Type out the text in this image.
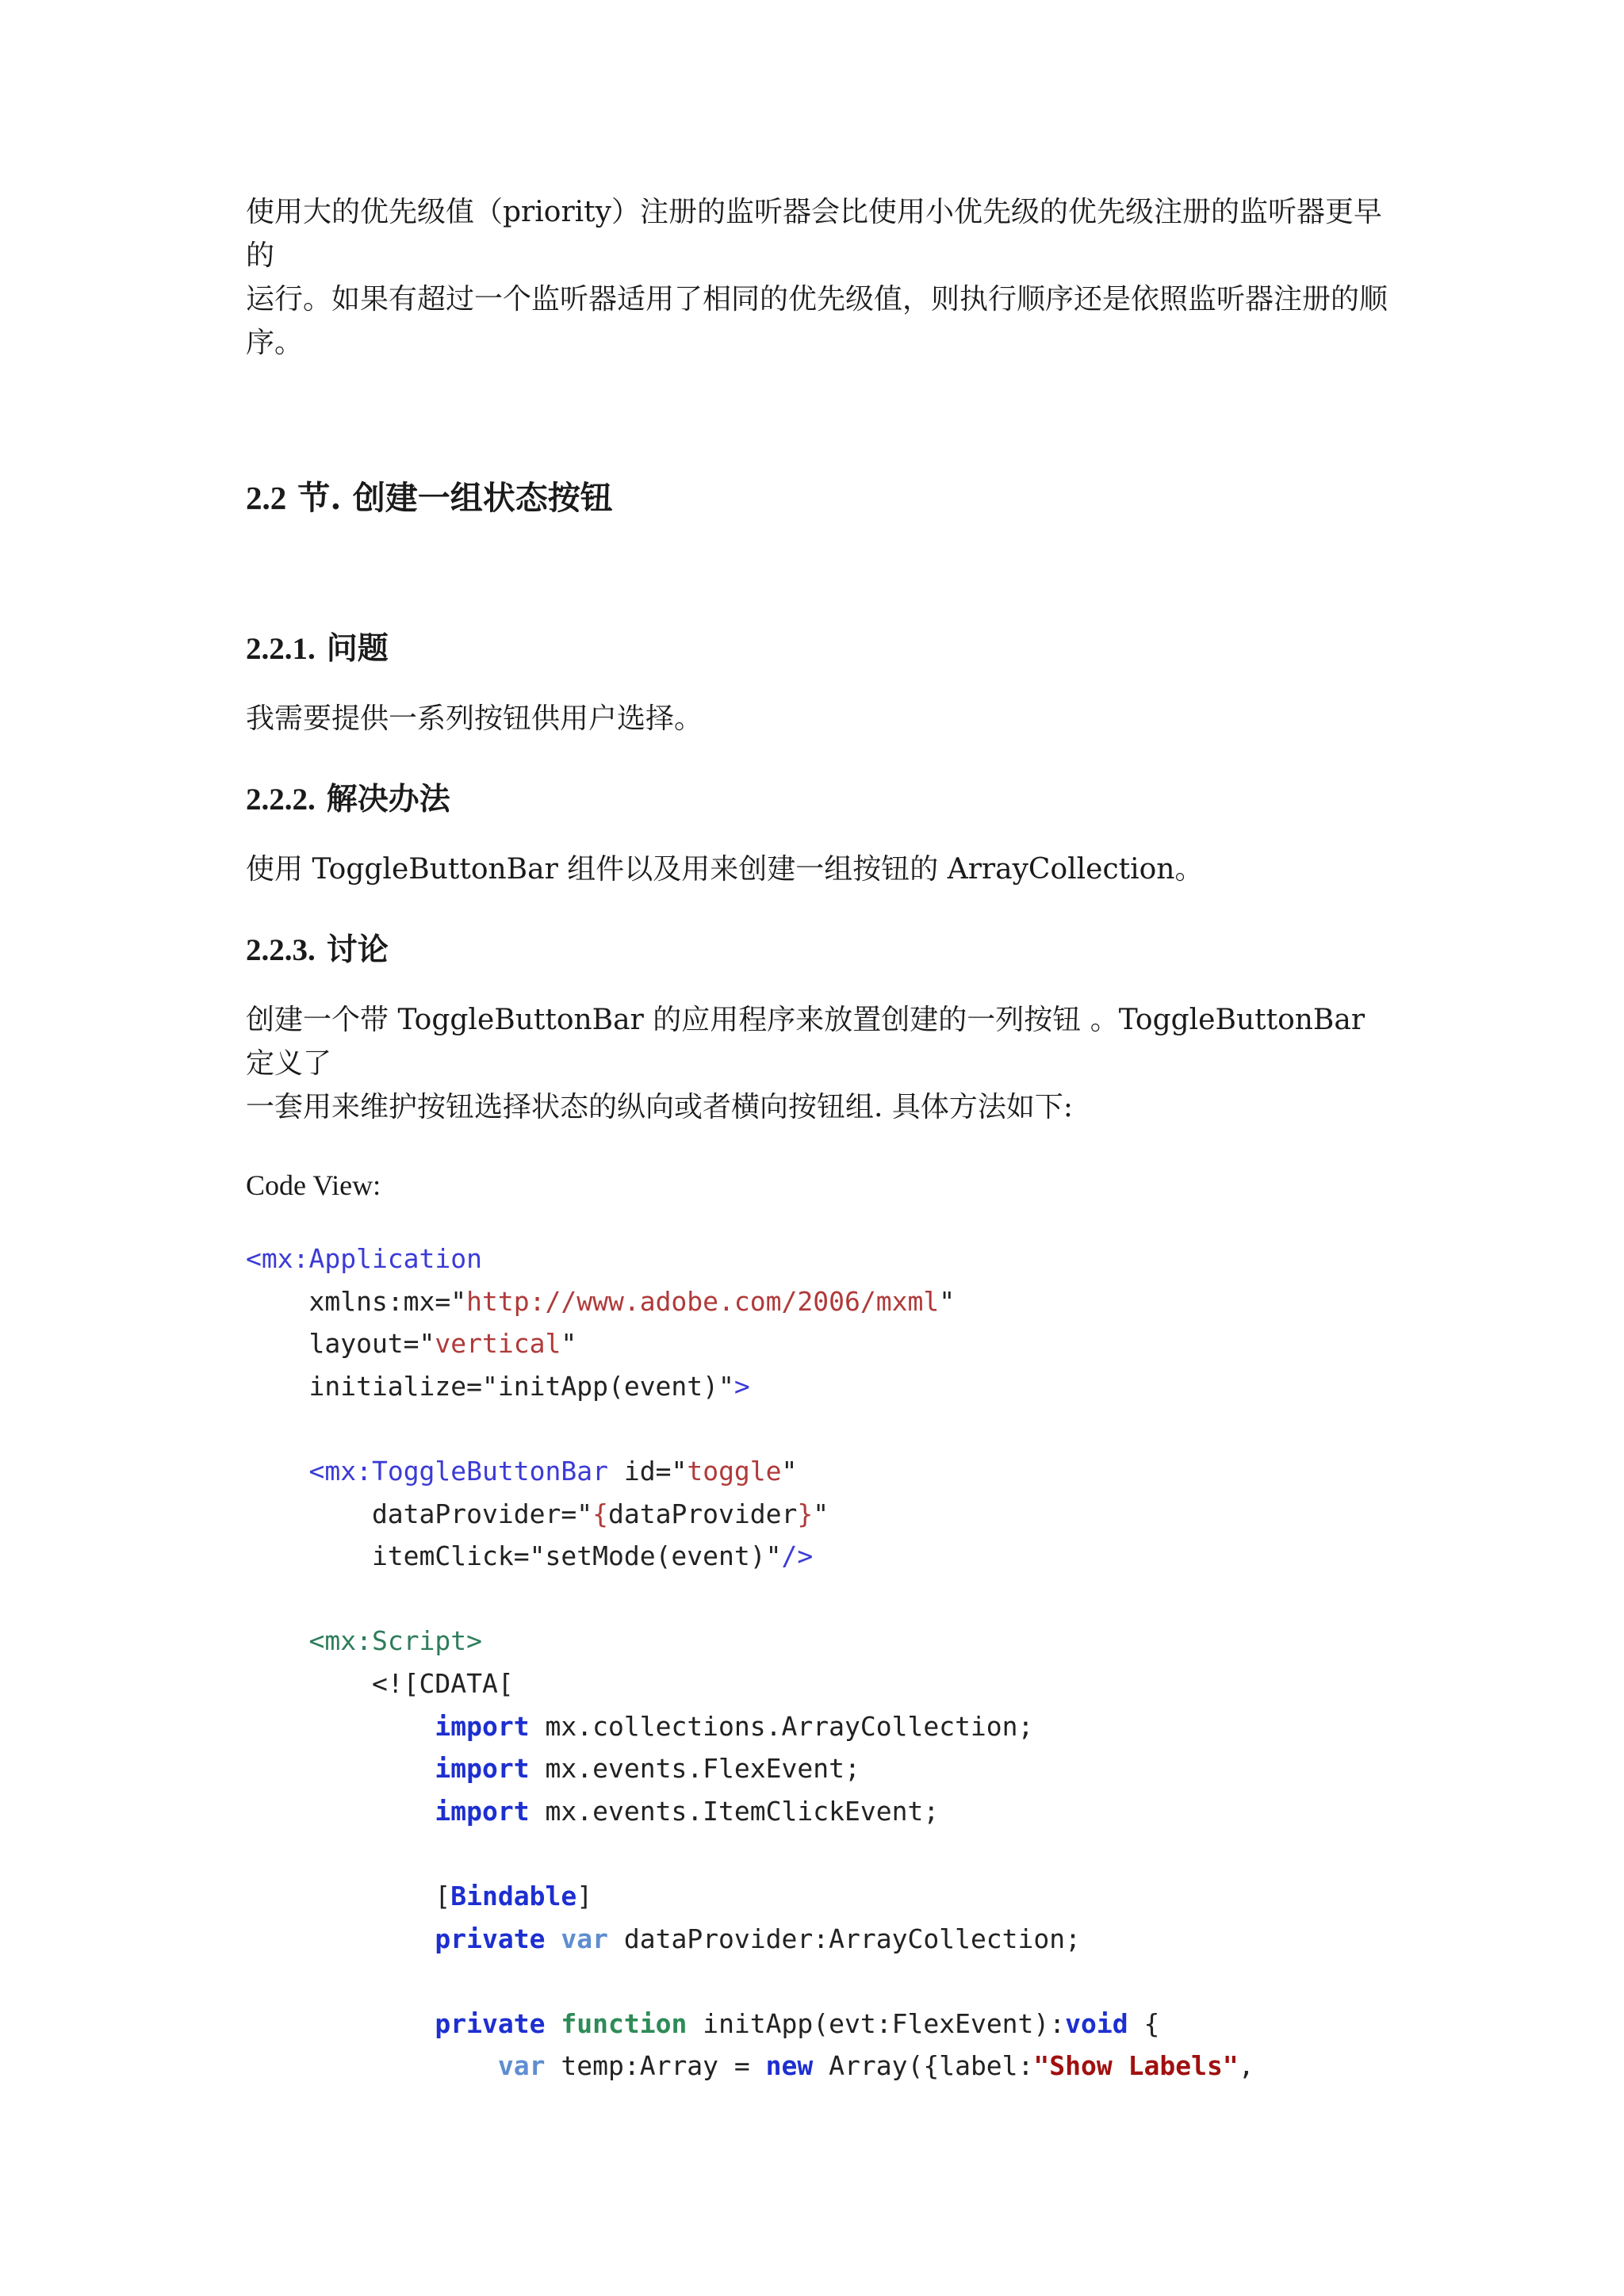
使用大的优先级值（priority）注册的监听器会比使用小优先级的优先级注册的监听器更早的
运行。如果有超过一个监听器适用了相同的优先级值，则执行顺序还是依照监听器注册的顺
序。

2.2 节. 创建一组状态按钮
2.2.1. 问题

我需要提供一系列按钮供用户选择。

2.2.2. 解决办法

使用 ToggleButtonBar 组件以及用来创建一组按钮的 ArrayCollection。

2.2.3. 讨论

创建一个带 ToggleButtonBar 的应用程序来放置创建的一列按钮 。ToggleButtonBar 定义了
一套用来维护按钮选择状态的纵向或者横向按钮组. 具体方法如下:

Code View:

<mx:Application
xmlns:mx="http://www.adobe.com/2006/mxml"
layout="vertical"
initialize="initApp(event)">

<mx:ToggleButtonBar id="toggle"
dataProvider="{dataProvider}"
itemClick="setMode(event)"/>

<mx:Script>
<![CDATA[
import mx.collections.ArrayCollection;
import mx.events.FlexEvent;
import mx.events.ItemClickEvent;

[Bindable]
private var dataProvider:ArrayCollection;

private function initApp(evt:FlexEvent):void {
var temp:Array = new Array({label:"Show Labels",
